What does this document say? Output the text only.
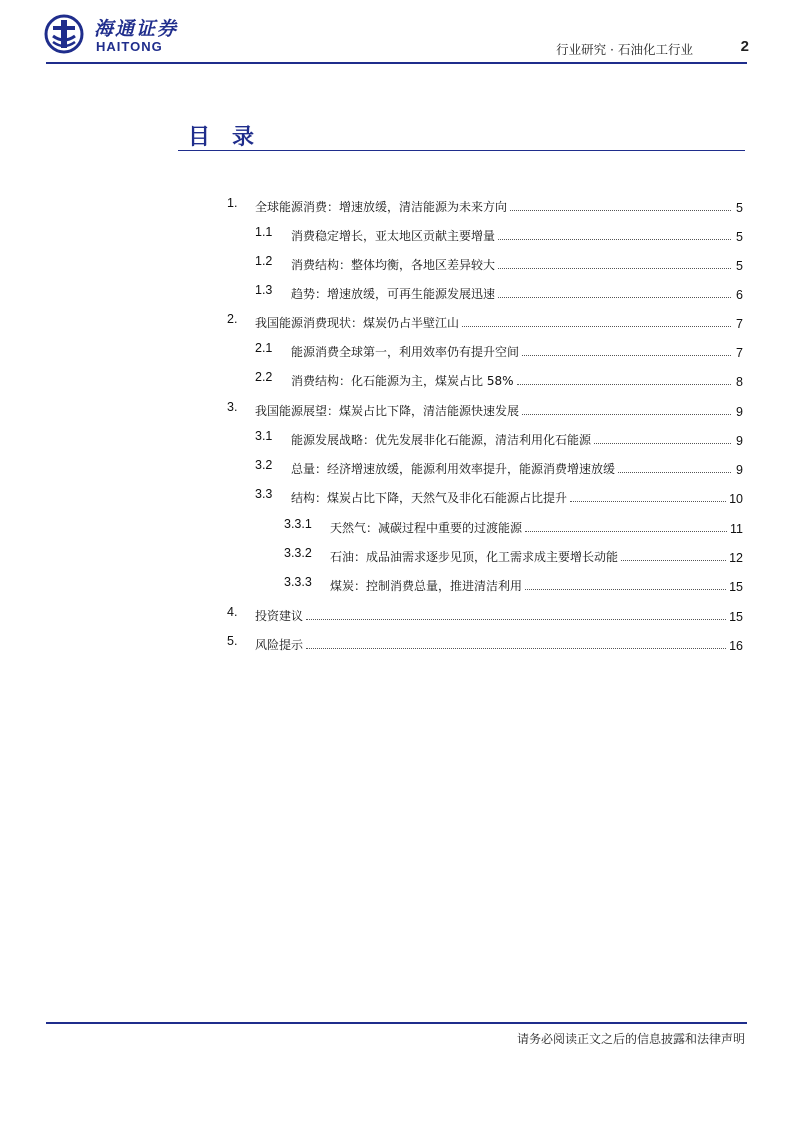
海通证券
HAITONG	行业研究 · 石油化工行业	2
目录
1. 全球能源消费：增速放缓，清洁能源为未来方向	5
1.1 消费稳定增长，亚太地区贡献主要增量	5
1.2 消费结构：整体均衡，各地区差异较大	5
1.3 趋势：增速放缓，可再生能源发展迅速	6
2. 我国能源消费现状：煤炭仍占半壁江山	7
2.1 能源消费全球第一，利用效率仍有提升空间	7
2.2 消费结构：化石能源为主，煤炭占比 58%	8
3. 我国能源展望：煤炭占比下降，清洁能源快速发展	9
3.1 能源发展战略：优先发展非化石能源，清洁利用化石能源	9
3.2 总量：经济增速放缓，能源利用效率提升，能源消费增速放缓	9
3.3 结构：煤炭占比下降，天然气及非化石能源占比提升	10
3.3.1 天然气：减碳过程中重要的过渡能源	11
3.3.2 石油：成品油需求逐步见顶，化工需求成主要增长动能	12
3.3.3 煤炭：控制消费总量，推进清洁利用	15
4. 投资建议	15
5. 风险提示	16
请务必阅读正文之后的信息披露和法律声明
